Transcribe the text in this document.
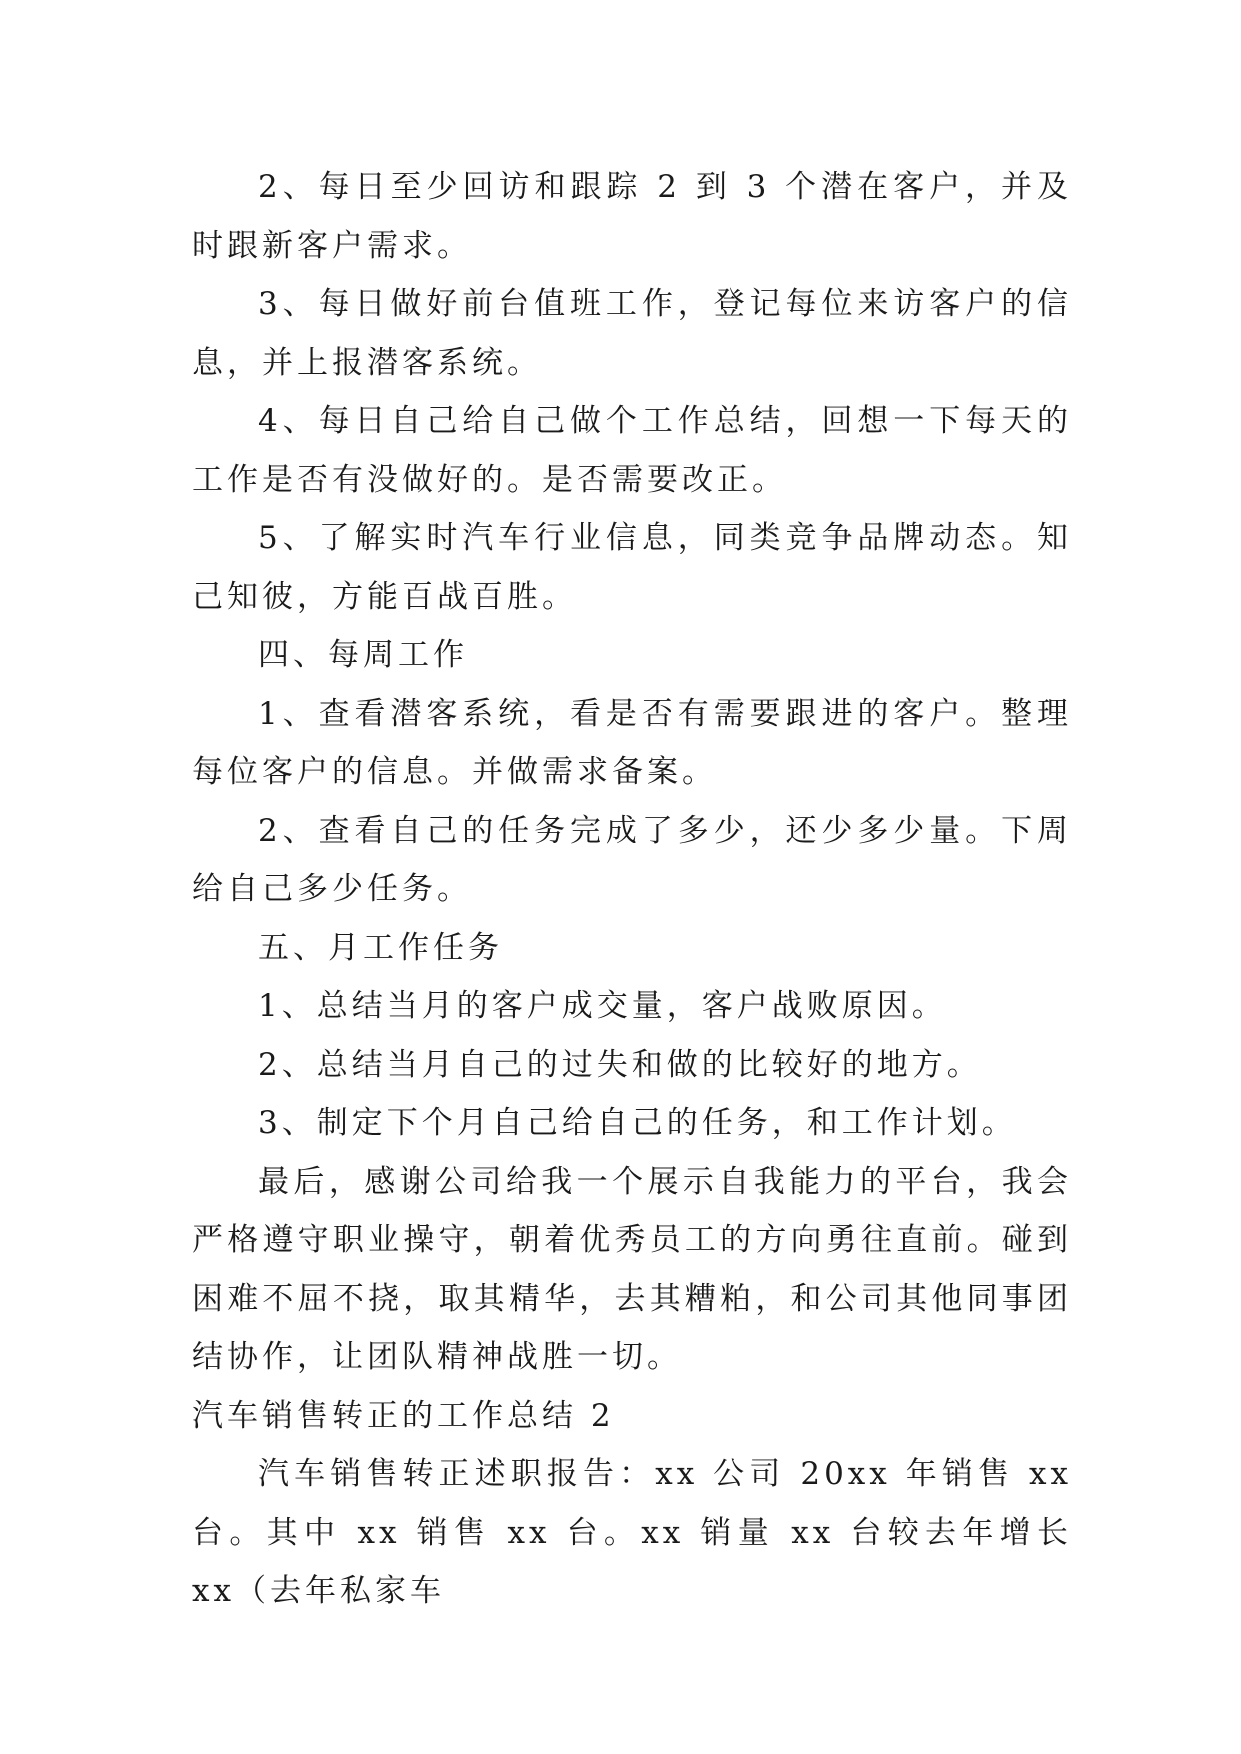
2、每日至少回访和跟踪 2 到 3 个潜在客户，并及时跟新客户需求。

3、每日做好前台值班工作，登记每位来访客户的信息，并上报潜客系统。

4、每日自己给自己做个工作总结，回想一下每天的工作是否有没做好的。是否需要改正。

5、了解实时汽车行业信息，同类竞争品牌动态。知己知彼，方能百战百胜。

四、每周工作

1、查看潜客系统，看是否有需要跟进的客户。整理每位客户的信息。并做需求备案。

2、查看自己的任务完成了多少，还少多少量。下周给自己多少任务。

五、月工作任务

1、总结当月的客户成交量，客户战败原因。

2、总结当月自己的过失和做的比较好的地方。

3、制定下个月自己给自己的任务，和工作计划。

最后，感谢公司给我一个展示自我能力的平台，我会严格遵守职业操守，朝着优秀员工的方向勇往直前。碰到困难不屈不挠，取其精华，去其糟粕，和公司其他同事团结协作，让团队精神战胜一切。

汽车销售转正的工作总结 2

汽车销售转正述职报告：xx 公司 20xx 年销售 xx 台。其中 xx 销售 xx 台。xx 销量 xx 台较去年增长 xx（去年私家车
